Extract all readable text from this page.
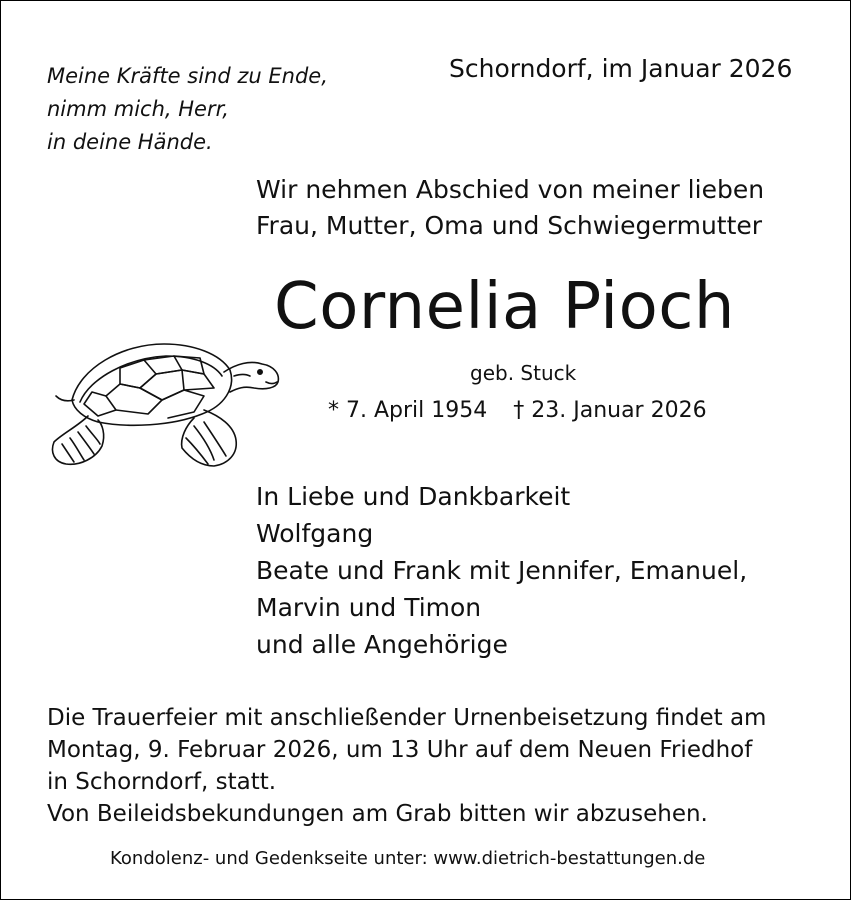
Meine Kräfte sind zu Ende,
nimm mich, Herr,
in deine Hände.
Schorndorf, im Januar 2026
Wir nehmen Abschied von meiner lieben
Frau, Mutter, Oma und Schwiegermutter
Cornelia Pioch
geb. Stuck
* 7. April 1954 † 23. Januar 2026
In Liebe und Dankbarkeit
Wolfgang
Beate und Frank mit Jennifer, Emanuel,
Marvin und Timon
und alle Angehörige
Die Trauerfeier mit anschließender Urnenbeisetzung findet am
Montag, 9. Februar 2026, um 13 Uhr auf dem Neuen Friedhof
in Schorndorf, statt.
Von Beileidsbekundungen am Grab bitten wir abzusehen.
Kondolenz- und Gedenkseite unter: www.dietrich-bestattungen.de
